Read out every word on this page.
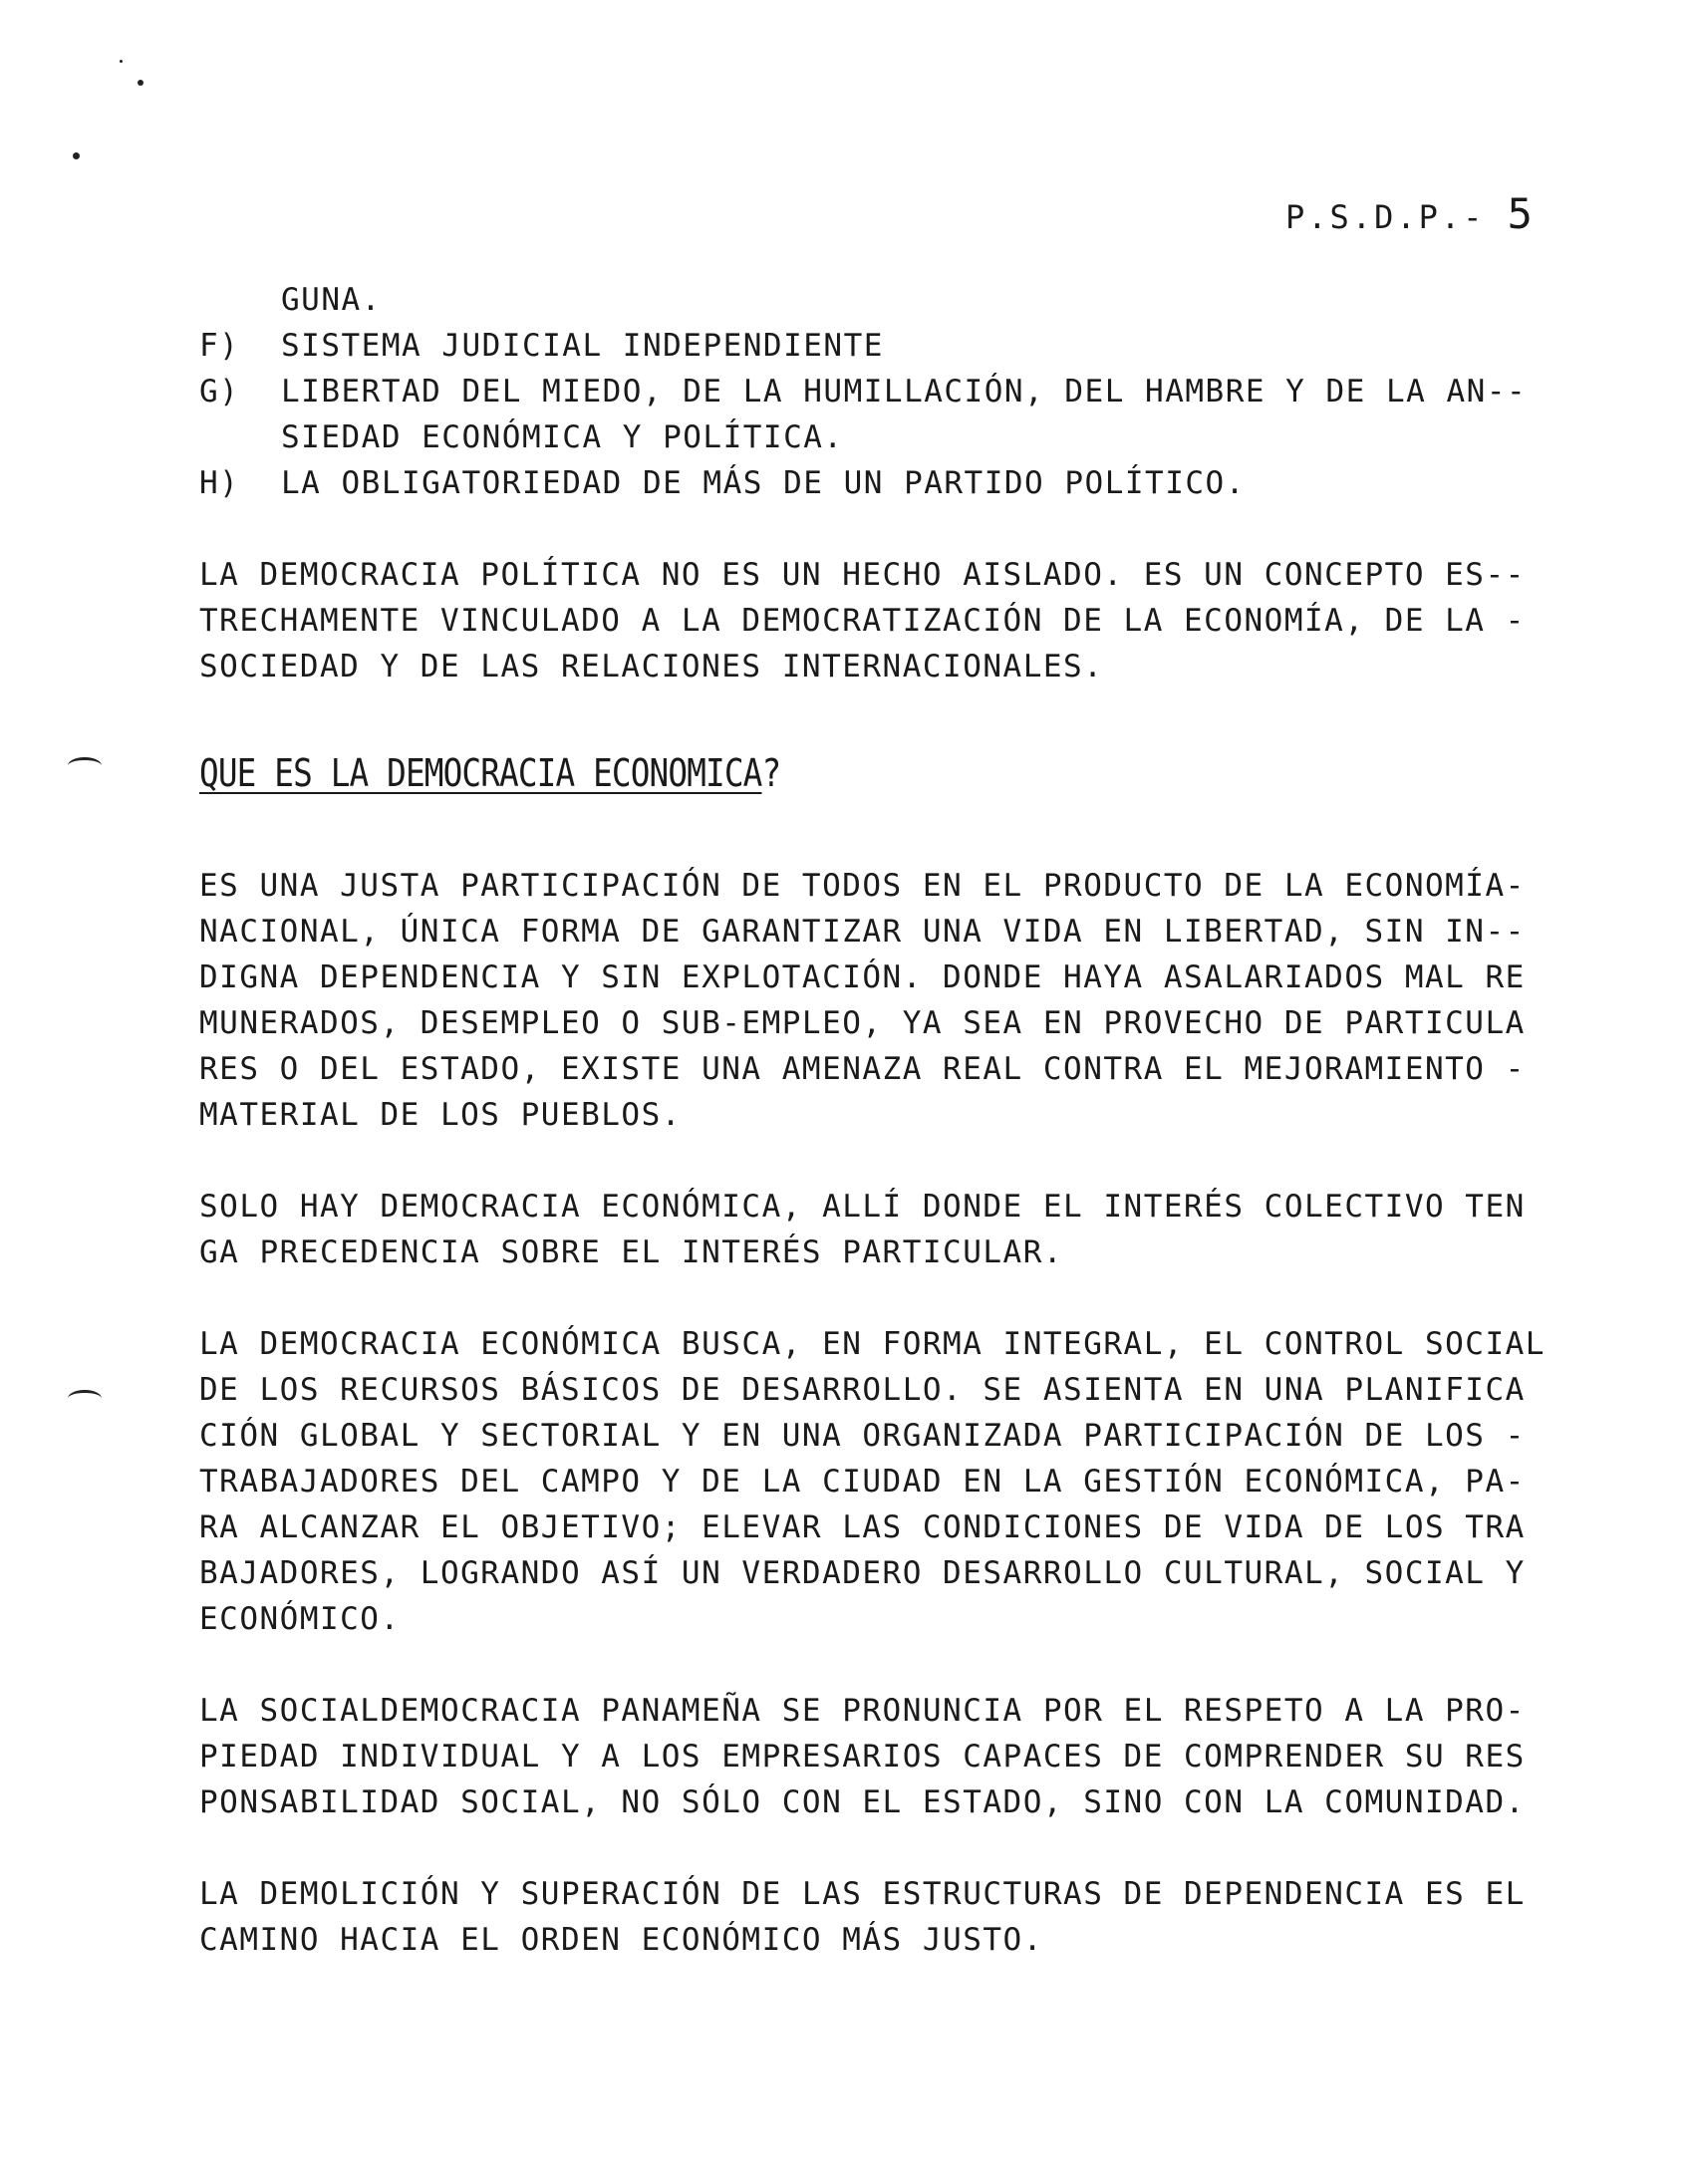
P.S.D.P.- 5
GUNA.
F)	SISTEMA JUDICIAL INDEPENDIENTE
G)	LIBERTAD DEL MIEDO, DE LA HUMILLACIÓN, DEL HAMBRE Y DE LA AN--
SIEDAD ECONÓMICA Y POLÍTICA.
H)	LA OBLIGATORIEDAD DE MÁS DE UN PARTIDO POLÍTICO.
LA DEMOCRACIA POLÍTICA NO ES UN HECHO AISLADO. ES UN CONCEPTO ES--
TRECHAMENTE VINCULADO A LA DEMOCRATIZACIÓN DE LA ECONOMÍA, DE LA -
SOCIEDAD Y DE LAS RELACIONES INTERNACIONALES.
QUE ES LA DEMOCRACIA ECONOMICA?
ES UNA JUSTA PARTICIPACIÓN DE TODOS EN EL PRODUCTO DE LA ECONOMÍA-
NACIONAL, ÚNICA FORMA DE GARANTIZAR UNA VIDA EN LIBERTAD, SIN IN--
DIGNA DEPENDENCIA Y SIN EXPLOTACIÓN. DONDE HAYA ASALARIADOS MAL RE
MUNERADOS, DESEMPLEO O SUB-EMPLEO, YA SEA EN PROVECHO DE PARTICULA
RES O DEL ESTADO, EXISTE UNA AMENAZA REAL CONTRA EL MEJORAMIENTO -
MATERIAL DE LOS PUEBLOS.
SOLO HAY DEMOCRACIA ECONÓMICA, ALLÍ DONDE EL INTERÉS COLECTIVO TEN
GA PRECEDENCIA SOBRE EL INTERÉS PARTICULAR.
LA DEMOCRACIA ECONÓMICA BUSCA, EN FORMA INTEGRAL, EL CONTROL SOCIAL
DE LOS RECURSOS BÁSICOS DE DESARROLLO. SE ASIENTA EN UNA PLANIFICA
CIÓN GLOBAL Y SECTORIAL Y EN UNA ORGANIZADA PARTICIPACIÓN DE LOS -
TRABAJADORES DEL CAMPO Y DE LA CIUDAD EN LA GESTIÓN ECONÓMICA, PA-
RA ALCANZAR EL OBJETIVO; ELEVAR LAS CONDICIONES DE VIDA DE LOS TRA
BAJADORES, LOGRANDO ASÍ UN VERDADERO DESARROLLO CULTURAL, SOCIAL Y
ECONÓMICO.
LA SOCIALDEMOCRACIA PANAMEÑA SE PRONUNCIA POR EL RESPETO A LA PRO-
PIEDAD INDIVIDUAL Y A LOS EMPRESARIOS CAPACES DE COMPRENDER SU RES
PONSABILIDAD SOCIAL, NO SÓLO CON EL ESTADO, SINO CON LA COMUNIDAD.
LA DEMOLICIÓN Y SUPERACIÓN DE LAS ESTRUCTURAS DE DEPENDENCIA ES EL
CAMINO HACIA EL ORDEN ECONÓMICO MÁS JUSTO.
